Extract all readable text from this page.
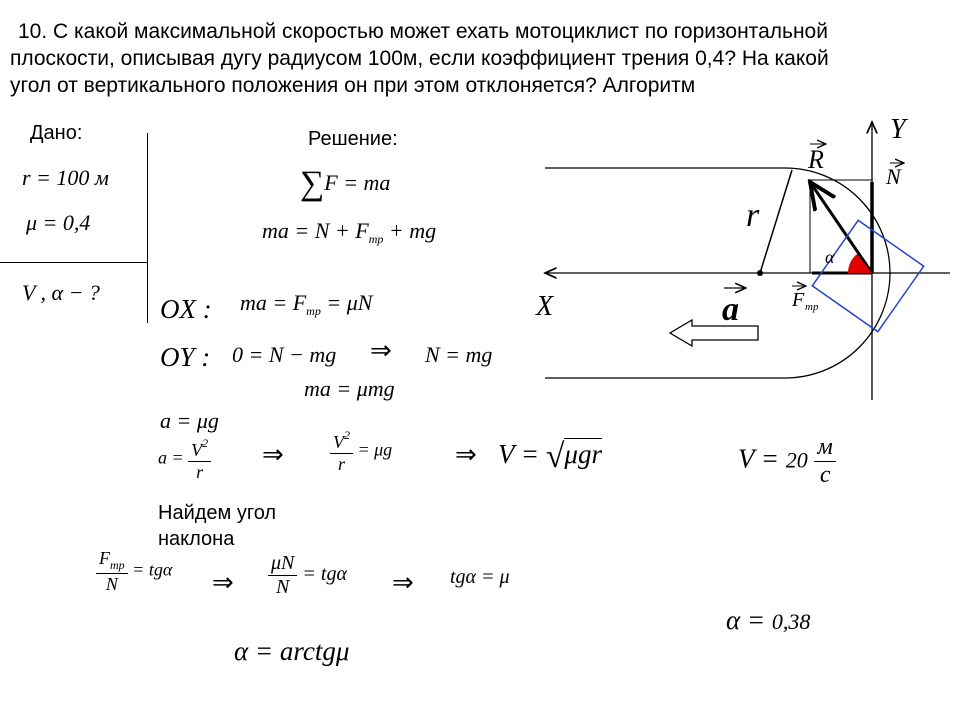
10. С какой максимальной скоростью может ехать мотоциклист по горизонтальной
плоскости, описывая дугу радиусом 100м, если коэффициент трения 0,4? На какой
угол от вертикального положения он при этом отклоняется? Алгоритм
Дано:
r = 100 м
μ = 0,4
V , α − ?
Решение:
∑F = ma
ma = $N + F_{тр}$ + mg
OX : ma = $F_{тр} = \mu N$
OY : 0 = N − mg ⇒ N = mg
ma = μmg
a = μg
$a = \frac{V^2}{r}$ ⇒	$\frac{V^2}{r} = \mu g$ ⇒ V = √μgr	$V = 20 \frac{м}{с}$
Найдем угол
наклона
$\frac{F_{тр}}{N} = tg\alpha$ ⇒ $\frac{\mu N}{N} = tg\alpha$ ⇒ tgα = μ
α = 0,38
α = arctgμ
Y
N
R
r
X	a	F тр
α
